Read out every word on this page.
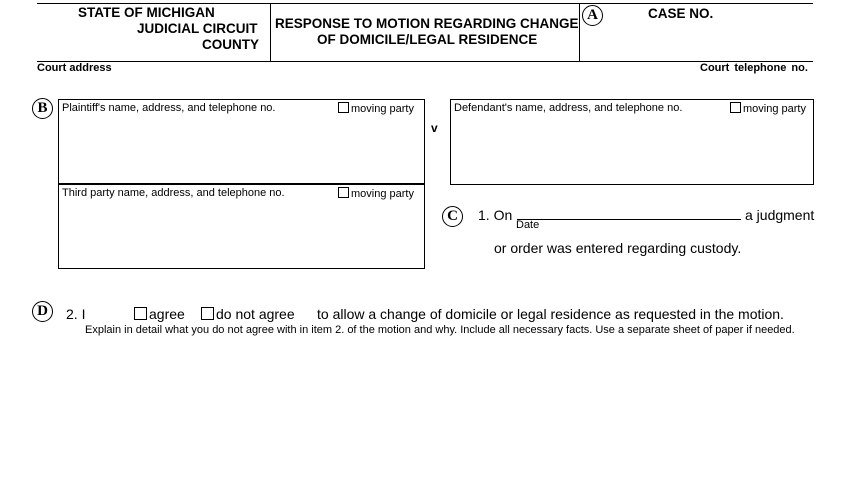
STATE OF MICHIGAN
JUDICIAL CIRCUIT
COUNTY
RESPONSE TO MOTION REGARDING CHANGE
OF DOMICILE/LEGAL RESIDENCE
A	CASE NO.
Court address	Court telephone no.
B	Plaintiff's name, address, and telephone no.	moving party
Third party name, address, and telephone no.	moving party
v
Defendant's name, address, and telephone no.	moving party
C	1. On
Date
a judgment
or order was entered regarding custody.
D	2. I	agree	do not agree to allow a change of domicile or legal residence as requested in the motion.
Explain in detail what you do not agree with in item 2. of the motion and why. Include all necessary facts. Use a separate sheet of paper if needed.
